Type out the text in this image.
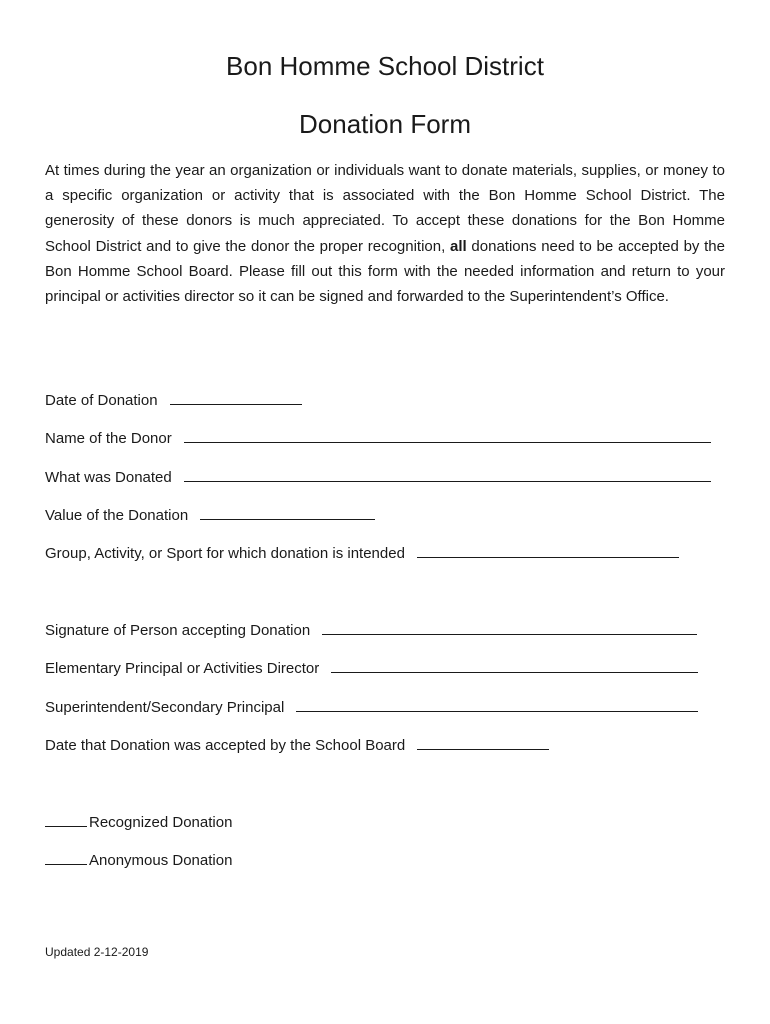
Bon Homme School District
Donation Form

At times during the year an organization or individuals want to donate materials, supplies, or money to a specific organization or activity that is associated with the Bon Homme School District. The generosity of these donors is much appreciated. To accept these donations for the Bon Homme School District and to give the donor the proper recognition, all donations need to be accepted by the Bon Homme School Board. Please fill out this form with the needed information and return to your principal or activities director so it can be signed and forwarded to the Superintendent’s Office.

Date of Donation
Name of the Donor
What was Donated
Value of the Donation
Group, Activity, or Sport for which donation is intended
Signature of Person accepting Donation
Elementary Principal or Activities Director
Superintendent/Secondary Principal
Date that Donation was accepted by the School Board
Recognized Donation
Anonymous Donation
Updated 2-12-2019
